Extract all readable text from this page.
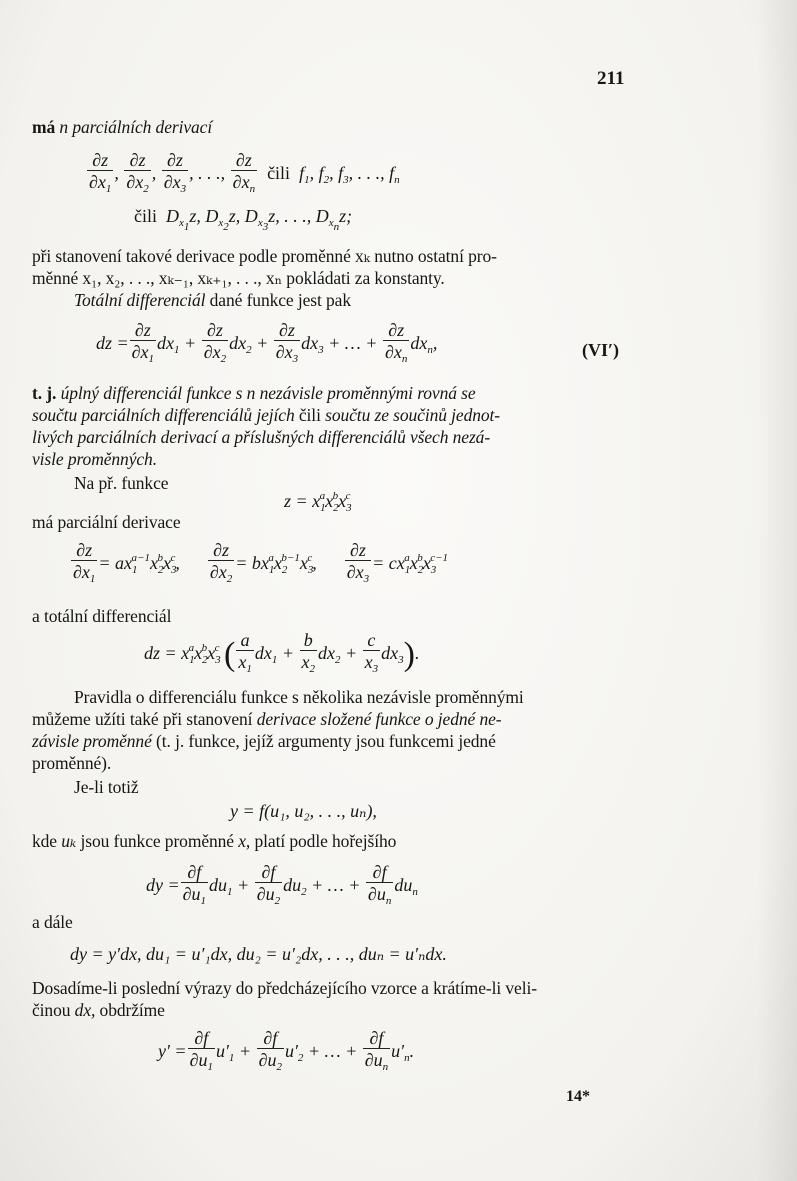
211
má n parciálních derivací
$\frac{\partial z}{\partial x_1}$ , $\frac{\partial z}{\partial x_2}$ , $\frac{\partial z}{\partial x_3}$ , . . ., $\frac{\partial z}{\partial x_n}$ čili  $f_1$, $f_2$, $f_3$, . . ., $f_n$
čili  $D_{x_1}z$, $D_{x_2}z$, $D_{x_3}z$, . . ., $D_{x_n}z$;
při stanovení takové derivace podle proměnné xₖ nutno ostatní pro-
měnné x₁, x₂, . . ., xₖ₋₁, xₖ₊₁, . . ., xₙ pokládati za konstanty.
Totální differenciál dané funkce jest pak
dz = $\frac{\partial z}{\partial x_1} dx_1 + \frac{\partial z}{\partial x_2} dx_2 + \frac{\partial z}{\partial x_3} dx_3$ + … + $\frac{\partial z}{\partial x_n} dx_n$,	(VI′)
t. j. úplný differenciál funkce s n nezávisle proměnnými rovná se
součtu parciálních differenciálů jejích čili součtu ze součinů jednot-
livých parciálních derivací a příslušných differenciálů všech nezá-
visle proměnných.
Na př. funkce
$z = x_1^ax_2^bx_3^c$
má parciální derivace
$\frac{\partial z}{\partial x_1} = ax_1^{a-1}x_2^bx_3^c$, $\frac{\partial z}{\partial x_2} = bx_1^ax_2^{b-1}x_3^c$, $\frac{\partial z}{\partial x_3} = cx_1^ax_2^bx_3^{c-1}$
a totální differenciál
dz = $x_1^ax_2^bx_3^c$ ( $\frac{a}{x_1} dx_1 + \frac{b}{x_2} dx_2 + \frac{c}{x_3} dx_3$).
Pravidla o differenciálu funkce s několika nezávisle proměnnými
můžeme užíti také při stanovení derivace složené funkce o jedné ne-
závisle proměnné (t. j. funkce, jejíž argumenty jsou funkcemi jedné
proměnné).
Je-li totiž
y = f(u₁, u₂, . . ., uₙ),
kde uₖ jsou funkce proměnné x, platí podle hořejšího
dy = $\frac{\partial f}{\partial u_1} du_1 + \frac{\partial f}{\partial u_2} du_2$ + … + $\frac{\partial f}{\partial u_n} du_n$
a dále
dy = y′dx, du₁ = u′₁dx, du₂ = u′₂dx, . . ., duₙ = u′ₙdx.
Dosadíme-li poslední výrazy do předcházejícího vzorce a krátíme-li veli-
činou dx, obdržíme
$y' = \frac{\partial f}{\partial u_1} u'_1 + \frac{\partial f}{\partial u_2} u'_2$ + … + $\frac{\partial f}{\partial u_n} u'_n$.
14*
